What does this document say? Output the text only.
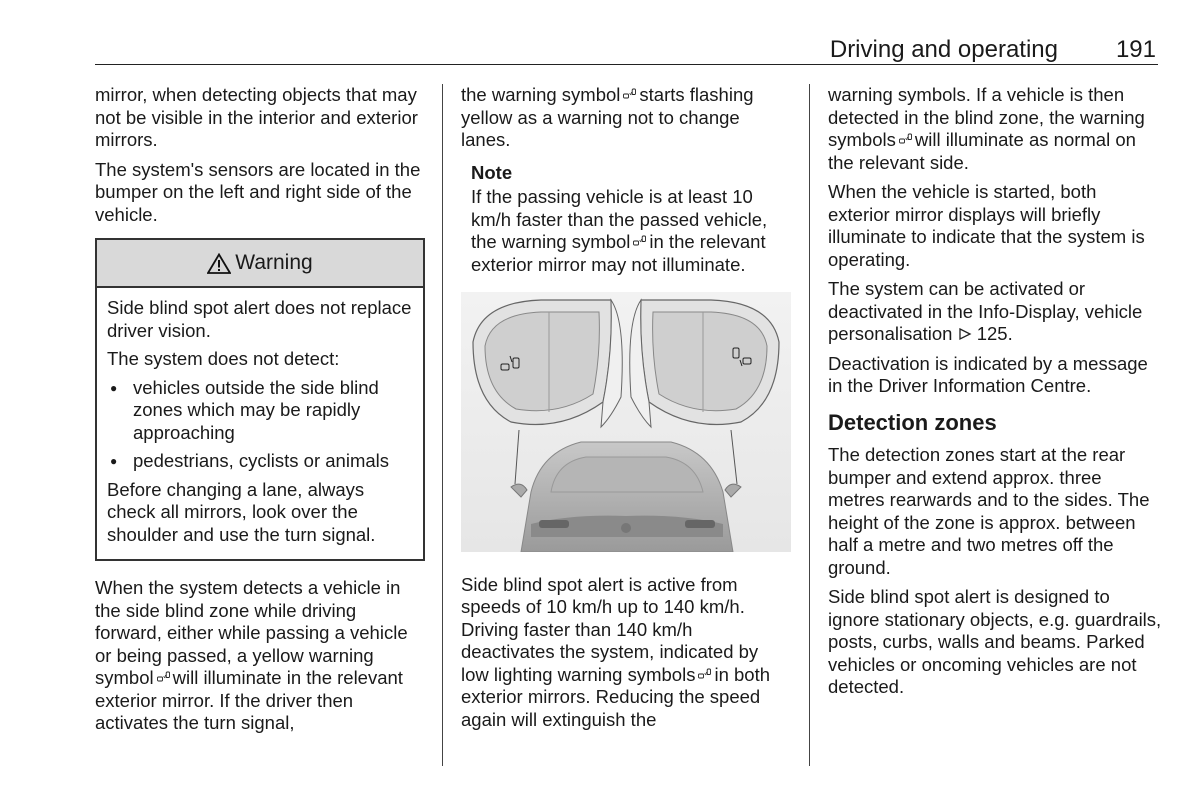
Driving and operating 191

mirror, when detecting objects that may not be visible in the interior and exterior mirrors.

The system's sensors are located in the bumper on the left and right side of the vehicle.

Warning

Side blind spot alert does not replace driver vision.

The system does not detect:

● vehicles outside the side blind zones which may be rapidly approaching
● pedestrians, cyclists or animals

Before changing a lane, always check all mirrors, look over the shoulder and use the turn signal.

When the system detects a vehicle in the side blind zone while driving forward, either while passing a vehicle or being passed, a yellow warning symbol will illuminate in the relevant exterior mirror. If the driver then activates the turn signal,

the warning symbol starts flashing yellow as a warning not to change lanes.

Note
If the passing vehicle is at least 10 km/h faster than the passed vehicle, the warning symbol in the relevant exterior mirror may not illuminate.

Side blind spot alert is active from speeds of 10 km/h up to 140 km/h. Driving faster than 140 km/h deactivates the system, indicated by low lighting warning symbols in both exterior mirrors. Reducing the speed again will extinguish the

warning symbols. If a vehicle is then detected in the blind zone, the warning symbols will illuminate as normal on the relevant side.

When the vehicle is started, both exterior mirror displays will briefly illuminate to indicate that the system is operating.

The system can be activated or deactivated in the Info-Display, vehicle personalisation 125.

Deactivation is indicated by a message in the Driver Information Centre.

Detection zones

The detection zones start at the rear bumper and extend approx. three metres rearwards and to the sides. The height of the zone is approx. between half a metre and two metres off the ground.

Side blind spot alert is designed to ignore stationary objects, e.g. guardrails, posts, curbs, walls and beams. Parked vehicles or oncoming vehicles are not detected.
